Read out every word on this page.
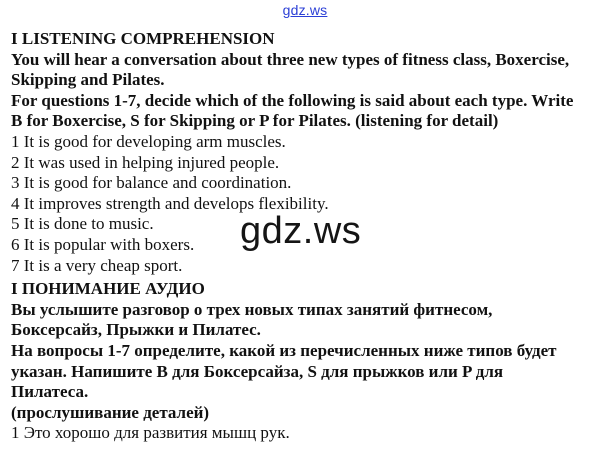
gdz.ws
I LISTENING COMPREHENSION
You will hear a conversation about three new types of fitness class, Boxercise,
Skipping and Pilates.
For questions 1-7, decide which of the following is said about each type. Write
B for Boxercise, S for Skipping or P for Pilates. (listening for detail)
1 It is good for developing arm muscles.
2 It was used in helping injured people.
3 It is good for balance and coordination.
4 It improves strength and develops flexibility.
5 It is done to music.
6 It is popular with boxers.
7 It is a very cheap sport.
I ПОНИМАНИЕ АУДИО
Вы услышите разговор о трех новых типах занятий фитнесом,
Боксерсайз, Прыжки и Пилатес.
На вопросы 1-7 определите, какой из перечисленных ниже типов будет
указан. Напишите B для Боксерсайза, S для прыжков или P для
Пилатеса.
(прослушивание деталей)
1 Это хорошо для развития мышц рук.
gdz.ws
